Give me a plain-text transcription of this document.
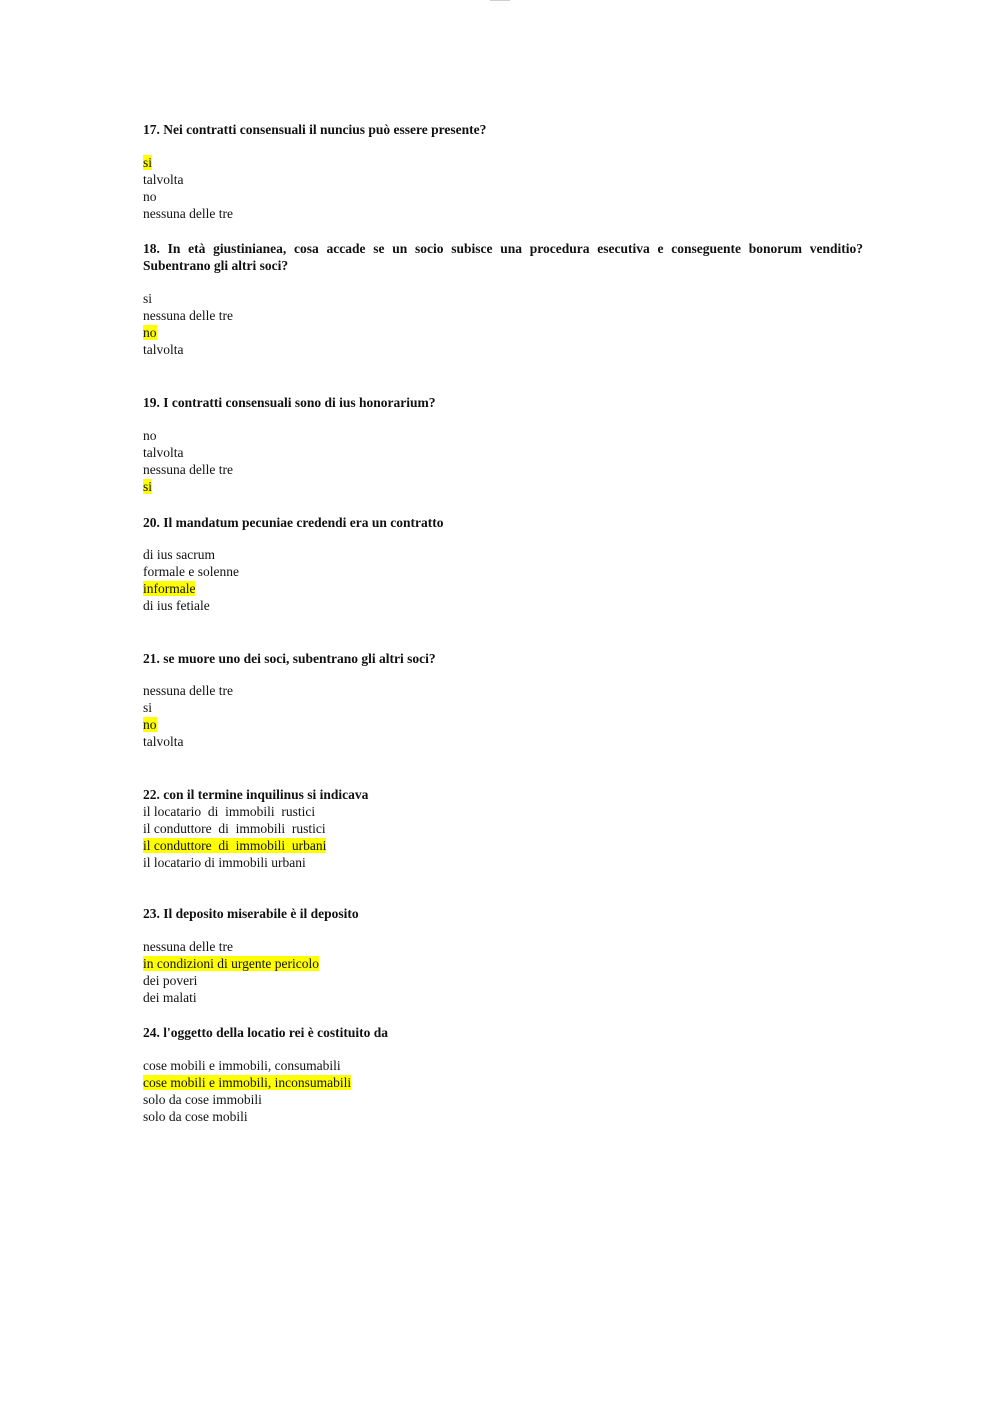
17. Nei contratti consensuali il nuncius può essere presente?

si
talvolta
no
nessuna delle tre

18. In età giustinianea, cosa accade se un socio subisce una procedura esecutiva e conseguente bonorum venditio? Subentrano gli altri soci?

si
nessuna delle tre
no
talvolta

19. I contratti consensuali sono di ius honorarium?

no
talvolta
nessuna delle tre
si

20. Il mandatum pecuniae credendi era un contratto

di ius sacrum
formale e solenne
informale
di ius fetiale

21. se muore uno dei soci, subentrano gli altri soci?

nessuna delle tre
si
no
talvolta

22. con il termine inquilinus si indicava

il locatario  di  immobili  rustici
il conduttore  di  immobili  rustici
il conduttore  di  immobili  urbani
il locatario di immobili urbani

23. Il deposito miserabile è il deposito

nessuna delle tre
in condizioni di urgente pericolo
dei poveri
dei malati

24. l'oggetto della locatio rei è costituito da

cose mobili e immobili, consumabili
cose mobili e immobili, inconsumabili
solo da cose immobili
solo da cose mobili
